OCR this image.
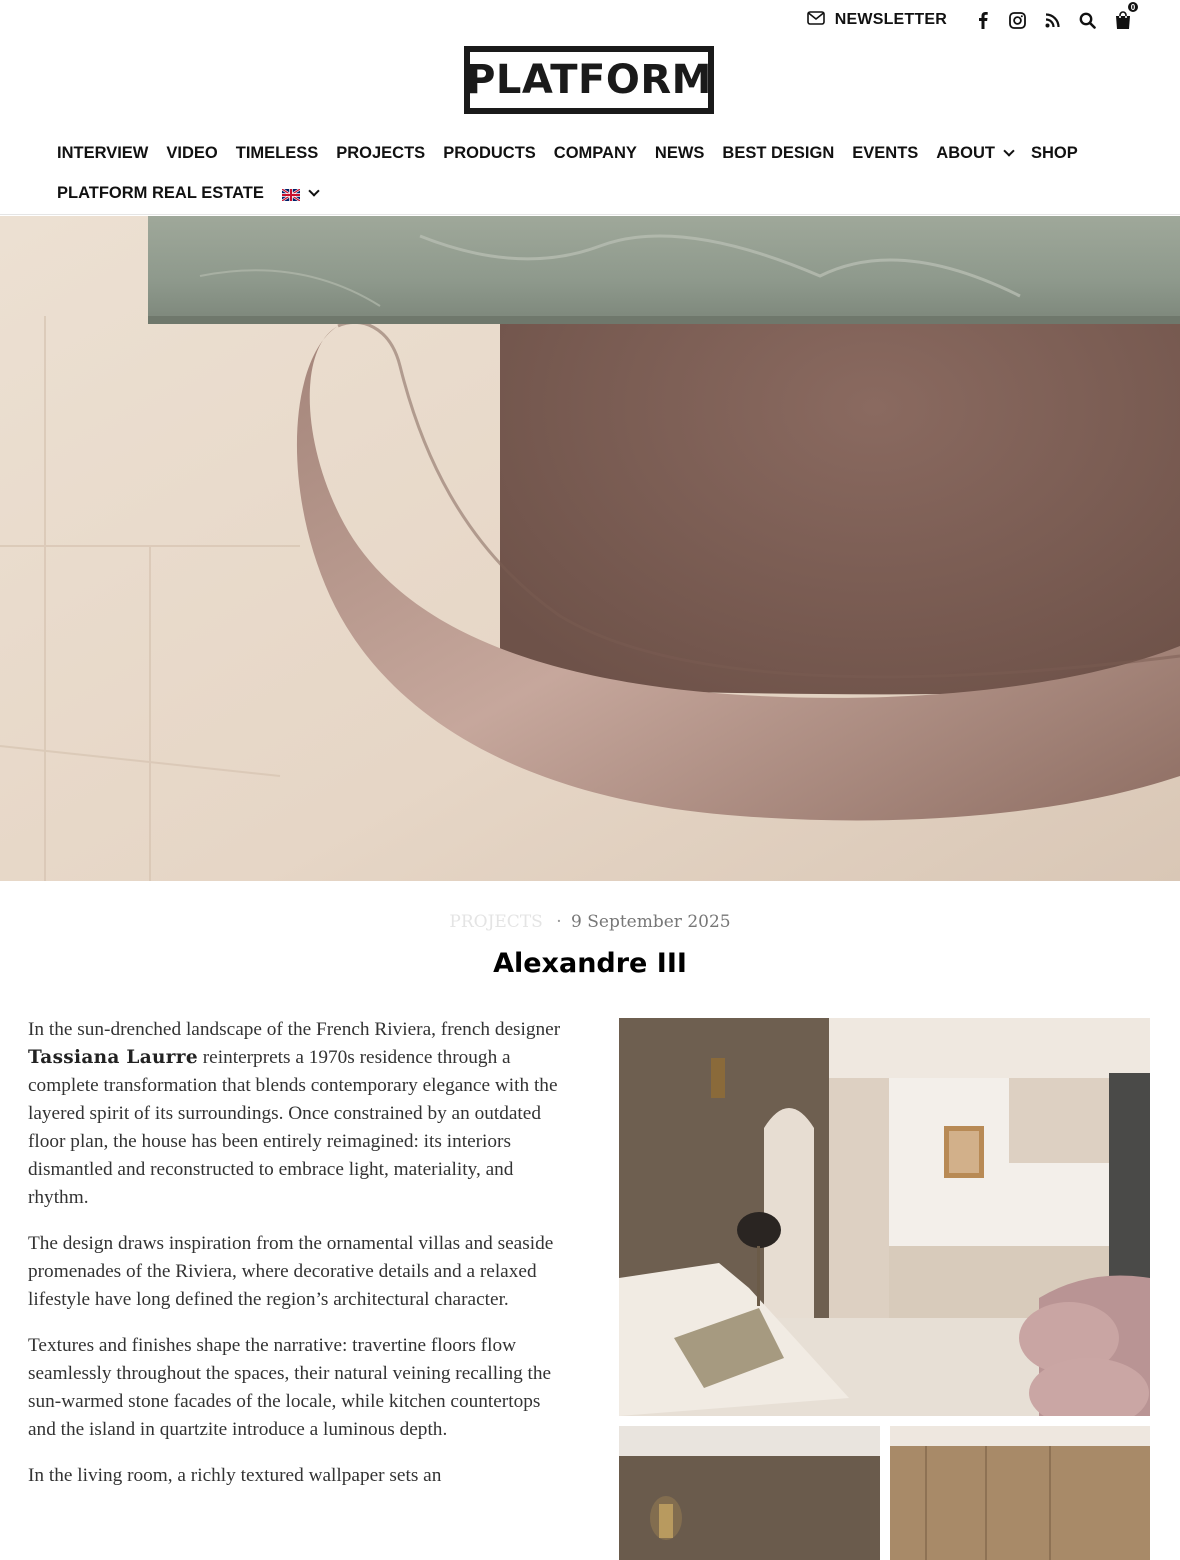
NEWSLETTER
0
PLATFORM
INTERVIEW VIDEO TIMELESS PROJECTS PRODUCTS COMPANY NEWS BEST DESIGN EVENTS ABOUT SHOP
PLATFORM REAL ESTATE
PROJECTS · 9 September 2025
Alexandre III

In the sun-drenched landscape of the French Riviera, french designer Tassiana Laurre reinterprets a 1970s residence through a complete transformation that blends contemporary elegance with the layered spirit of its surroundings. Once constrained by an outdated floor plan, the house has been entirely reimagined: its interiors dismantled and reconstructed to embrace light, materiality, and rhythm.

The design draws inspiration from the ornamental villas and seaside promenades of the Riviera, where decorative details and a relaxed lifestyle have long defined the region’s architectural character.

Textures and finishes shape the narrative: travertine floors flow seamlessly throughout the spaces, their natural veining recalling the sun-warmed stone facades of the locale, while kitchen countertops and the island in quartzite introduce a luminous depth.

In the living room, a richly textured wallpaper sets an
